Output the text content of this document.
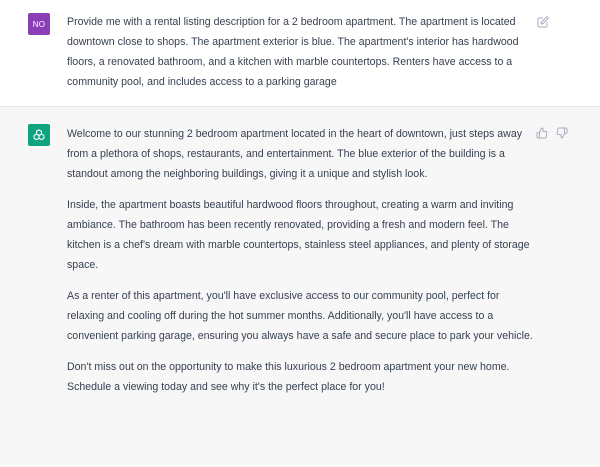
NO Provide me with a rental listing description for a 2 bedroom apartment. The apartment is located downtown close to shops. The apartment exterior is blue. The apartment's interior has hardwood floors, a renovated bathroom, and a kitchen with marble countertops. Renters have access to a community pool, and includes access to a parking garage

Welcome to our stunning 2 bedroom apartment located in the heart of downtown, just steps away from a plethora of shops, restaurants, and entertainment. The blue exterior of the building is a standout among the neighboring buildings, giving it a unique and stylish look.

Inside, the apartment boasts beautiful hardwood floors throughout, creating a warm and inviting ambiance. The bathroom has been recently renovated, providing a fresh and modern feel. The kitchen is a chef's dream with marble countertops, stainless steel appliances, and plenty of storage space.

As a renter of this apartment, you'll have exclusive access to our community pool, perfect for relaxing and cooling off during the hot summer months. Additionally, you'll have access to a convenient parking garage, ensuring you always have a safe and secure place to park your vehicle.

Don't miss out on the opportunity to make this luxurious 2 bedroom apartment your new home. Schedule a viewing today and see why it's the perfect place for you!
